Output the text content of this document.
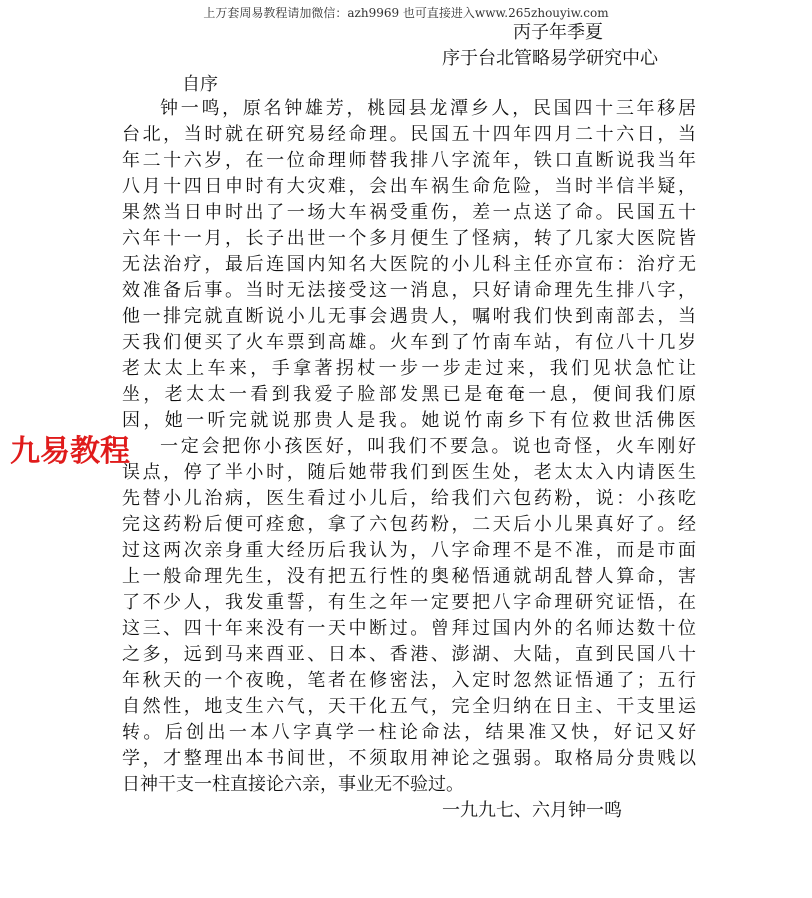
上万套周易教程请加微信：azh9969 也可直接进入www.265zhouyiw.com
丙子年季夏
序于台北管略易学研究中心
自序
钟一鸣，原名钟雄芳，桃园县龙潭乡人，民国四十三年移居
台北，当时就在研究易经命理。民国五十四年四月二十六日，当
年二十六岁，在一位命理师替我排八字流年，铁口直断说我当年
八月十四日申时有大灾难，会出车祸生命危险，当时半信半疑，
果然当日申时出了一场大车祸受重伤，差一点送了命。民国五十
六年十一月，长子出世一个多月便生了怪病，转了几家大医院皆
无法治疗，最后连国内知名大医院的小儿科主任亦宣布：治疗无
效准备后事。当时无法接受这一消息，只好请命理先生排八字，
他一排完就直断说小儿无事会遇贵人，嘱咐我们快到南部去，当
天我们便买了火车票到高雄。火车到了竹南车站，有位八十几岁
老太太上车来，手拿著拐杖一步一步走过来，我们见状急忙让
坐，老太太一看到我爱子脸部发黑已是奄奄一息，便间我们原
因，她一听完就说那贵人是我。她说竹南乡下有位救世活佛医
一定会把你小孩医好，叫我们不要急。说也奇怪，火车刚好
误点，停了半小时，随后她带我们到医生处，老太太入内请医生
先替小儿治病，医生看过小儿后，给我们六包药粉，说：小孩吃
完这药粉后便可痊愈，拿了六包药粉，二天后小儿果真好了。经
过这两次亲身重大经历后我认为，八字命理不是不准，而是市面
上一般命理先生，没有把五行性的奥秘悟通就胡乱替人算命，害
了不少人，我发重誓，有生之年一定要把八字命理研究证悟，在
这三、四十年来没有一天中断过。曾拜过国内外的名师达数十位
之多，远到马来酉亚、日本、香港、澎湖、大陆，直到民国八十
年秋天的一个夜晚，笔者在修密法，入定时忽然证悟通了；五行
自然性，地支生六气，天干化五气，完全归纳在日主、干支里运
转。后创出一本八字真学一柱论命法，结果准又快，好记又好
学，才整理出本书间世，不须取用神论之强弱。取格局分贵贱以
日神干支一柱直接论六亲，事业无不验过。
九易教程
一九九七、六月钟一鸣
